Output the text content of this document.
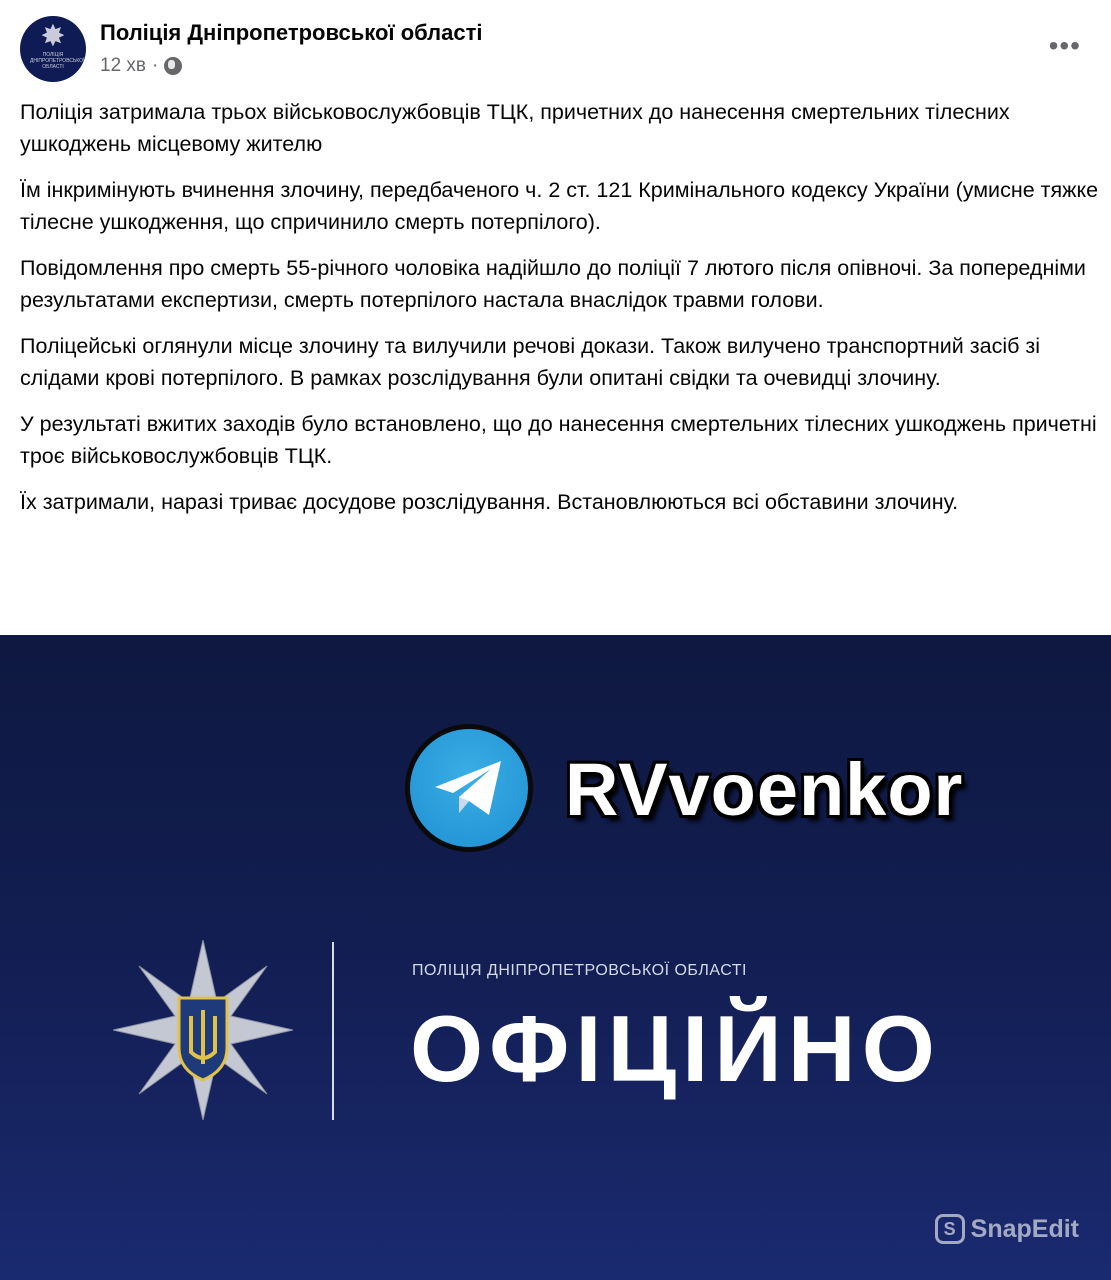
✸
ПОЛІЦІЯ ДНІПРОПЕТРОВСЬКОЇ ОБЛАСТІ
Поліція Дніпропетровської області
12 хв ·
•••

Поліція затримала трьох військовослужбовців ТЦК, причетних до нанесення смертельних тілесних ушкоджень місцевому жителю

Їм інкримінують вчинення злочину, передбаченого ч. 2 ст. 121 Кримінального кодексу України (умисне тяжке тілесне ушкодження, що спричинило смерть потерпілого).

Повідомлення про смерть 55-річного чоловіка надійшло до поліції 7 лютого після опівночі. За попередніми результатами експертизи, смерть потерпілого настала внаслідок травми голови.

Поліцейські оглянули місце злочину та вилучили речові докази. Також вилучено транспортний засіб зі слідами крові потерпілого. В рамках розслідування були опитані свідки та очевидці злочину.

У результаті вжитих заходів було встановлено, що до нанесення смертельних тілесних ушкоджень причетні троє військовослужбовців ТЦК.

Їх затримали, наразі триває досудове розслідування. Встановлюються всі обставини злочину.

RVvoenkor
ПОЛІЦІЯ ДНІПРОПЕТРОВСЬКОЇ ОБЛАСТІ
ОФІЦІЙНО
S SnapEdit
